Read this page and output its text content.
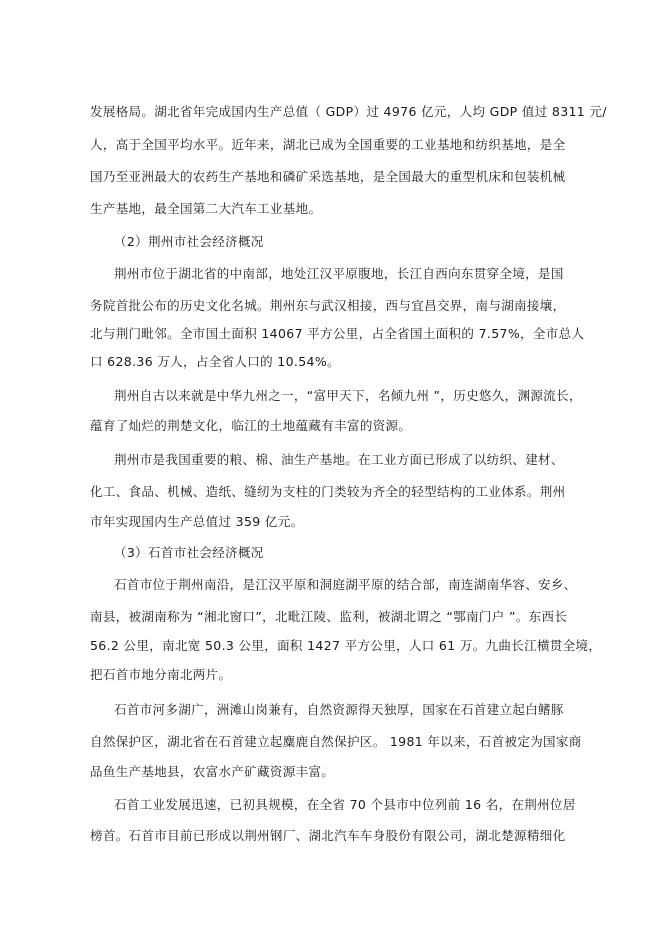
发展格局。湖北省年完成国内生产总值（ GDP）过 4976 亿元，人均 GDP 值过 8311 元/
人，高于全国平均水平。近年来，湖北已成为全国重要的工业基地和纺织基地，是全
国乃至亚洲最大的农药生产基地和磷矿采选基地，是全国最大的重型机床和包装机械
生产基地，最全国第二大汽车工业基地。
（2）荆州市社会经济概况
荆州市位于湖北省的中南部，地处江汉平原腹地，长江自西向东贯穿全境，是国
务院首批公布的历史文化名城。荆州东与武汉相接，西与宜昌交界，南与湖南接壤，
北与荆门毗邻。全市国土面积 14067 平方公里，占全省国土面积的 7.57%，全市总人
口 628.36 万人，占全省人口的 10.54%。
荆州自古以来就是中华九州之一，“富甲天下，名倾九州 ”，历史悠久，渊源流长，
蕴育了灿烂的荆楚文化，临江的土地蕴藏有丰富的资源。
荆州市是我国重要的粮、棉、油生产基地。在工业方面已形成了以纺织、建材、
化工、食品、机械、造纸、缝纫为支柱的门类较为齐全的轻型结构的工业体系。荆州
市年实现国内生产总值过 359 亿元。
（3）石首市社会经济概况
石首市位于荆州南沿，是江汉平原和洞庭湖平原的结合部，南连湖南华容、安乡、
南县，被湖南称为 “湘北窗口”，北毗江陵、监利，被湖北谓之 “鄂南门户 ”。东西长
56.2 公里，南北宽 50.3 公里，面积 1427 平方公里，人口 61 万。九曲长江横贯全境，
把石首市地分南北两片。
石首市河多湖广，洲滩山岗兼有，自然资源得天独厚，国家在石首建立起白鳍豚
自然保护区，湖北省在石首建立起麋鹿自然保护区。 1981 年以来，石首被定为国家商
品鱼生产基地县，农富水产矿藏资源丰富。
石首工业发展迅速，已初具规模，在全省 70 个县市中位列前 16 名，在荆州位居
榜首。石首市目前已形成以荆州钢厂、湖北汽车车身股份有限公司，湖北楚源精细化
